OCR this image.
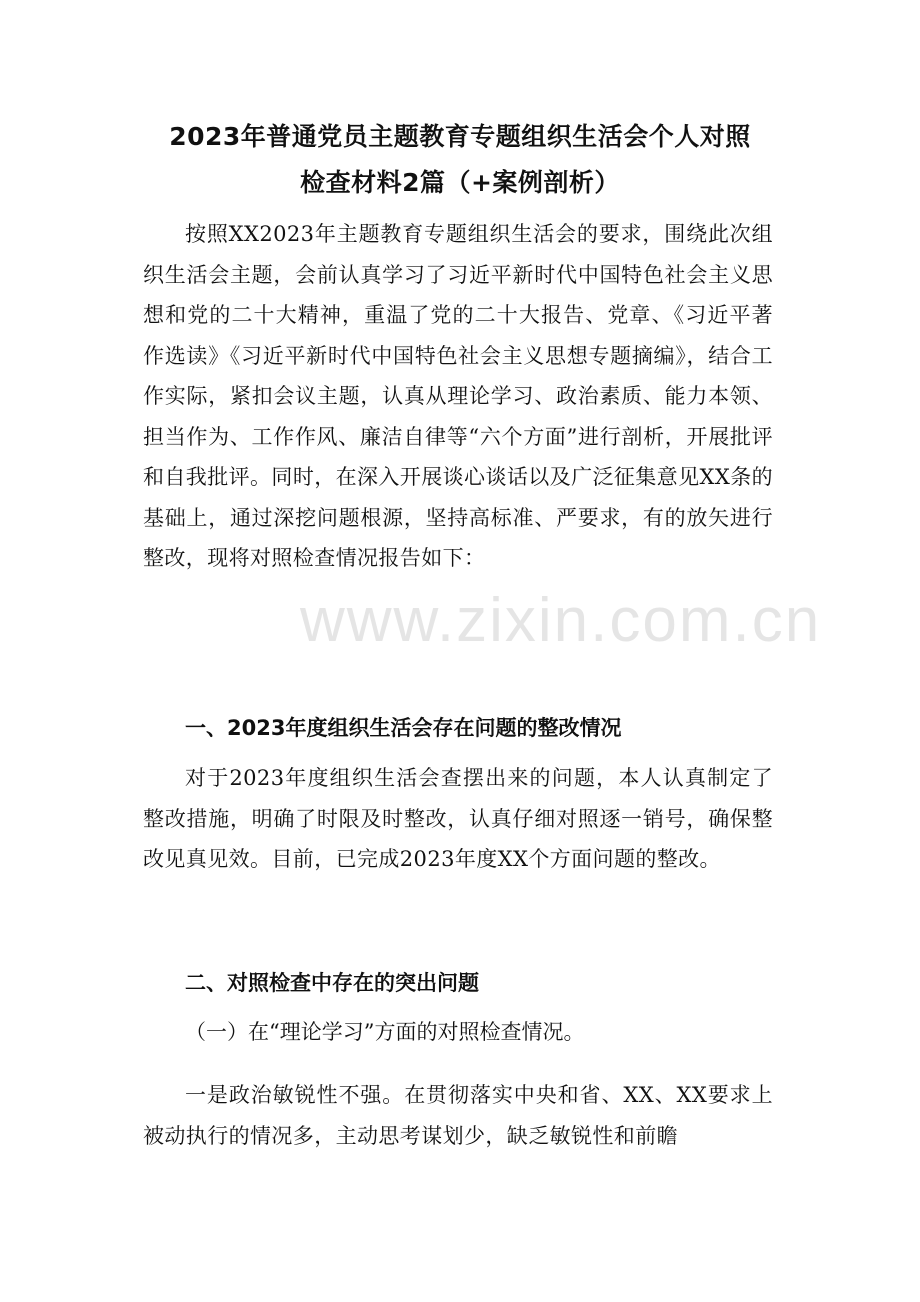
2023年普通党员主题教育专题组织生活会个人对照
检查材料2篇（+案例剖析）

按照XX2023年主题教育专题组织生活会的要求，围绕此次组织生活会主题，会前认真学习了习近平新时代中国特色社会主义思想和党的二十大精神，重温了党的二十大报告、党章、《习近平著作选读》《习近平新时代中国特色社会主义思想专题摘编》，结合工作实际，紧扣会议主题，认真从理论学习、政治素质、能力本领、担当作为、工作作风、廉洁自律等“六个方面”进行剖析，开展批评和自我批评。同时，在深入开展谈心谈话以及广泛征集意见XX条的基础上，通过深挖问题根源，坚持高标准、严要求，有的放矢进行整改，现将对照检查情况报告如下：

一、2023年度组织生活会存在问题的整改情况

对于2023年度组织生活会查摆出来的问题，本人认真制定了整改措施，明确了时限及时整改，认真仔细对照逐一销号，确保整改见真见效。目前，已完成2023年度XX个方面问题的整改。

二、对照检查中存在的突出问题

（一）在“理论学习”方面的对照检查情况。

一是政治敏锐性不强。在贯彻落实中央和省、XX、XX要求上被动执行的情况多，主动思考谋划少，缺乏敏锐性和前瞻

www.zixin.com.cn
